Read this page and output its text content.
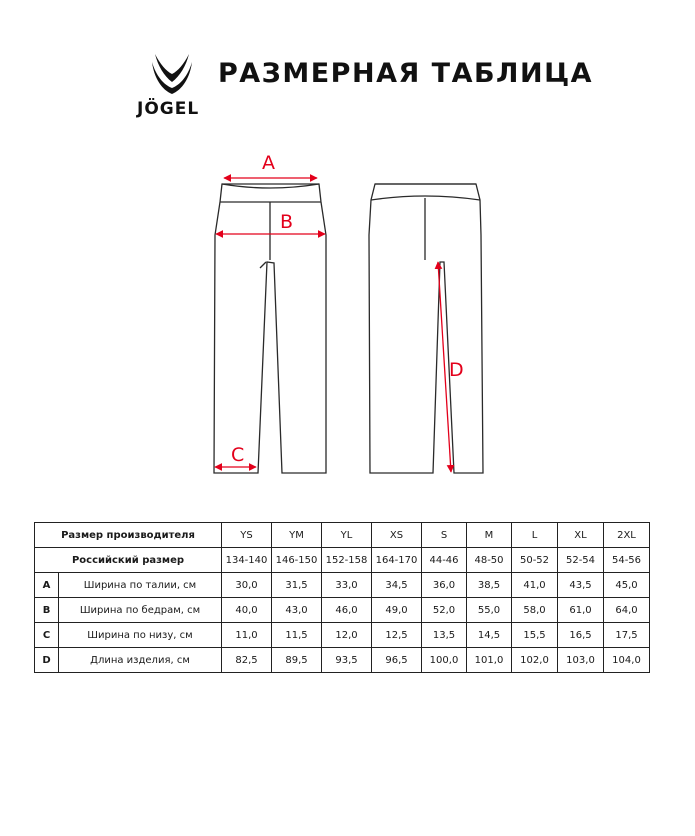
JÖGEL
РАЗМЕРНАЯ ТАБЛИЦА
A
B
C
D
Размер производителя		YS	YM	YL	XS	S	M	L	XL	2XL
Российский размер		134-140	146-150	152-158	164-170	44-46	48-50	50-52	52-54	54-56
A	Ширина по талии, см	30,0	31,5	33,0	34,5	36,0	38,5	41,0	43,5	45,0
B	Ширина по бедрам, см	40,0	43,0	46,0	49,0	52,0	55,0	58,0	61,0	64,0
C	Ширина по низу, см	11,0	11,5	12,0	12,5	13,5	14,5	15,5	16,5	17,5
D	Длина изделия, см	82,5	89,5	93,5	96,5	100,0	101,0	102,0	103,0	104,0
